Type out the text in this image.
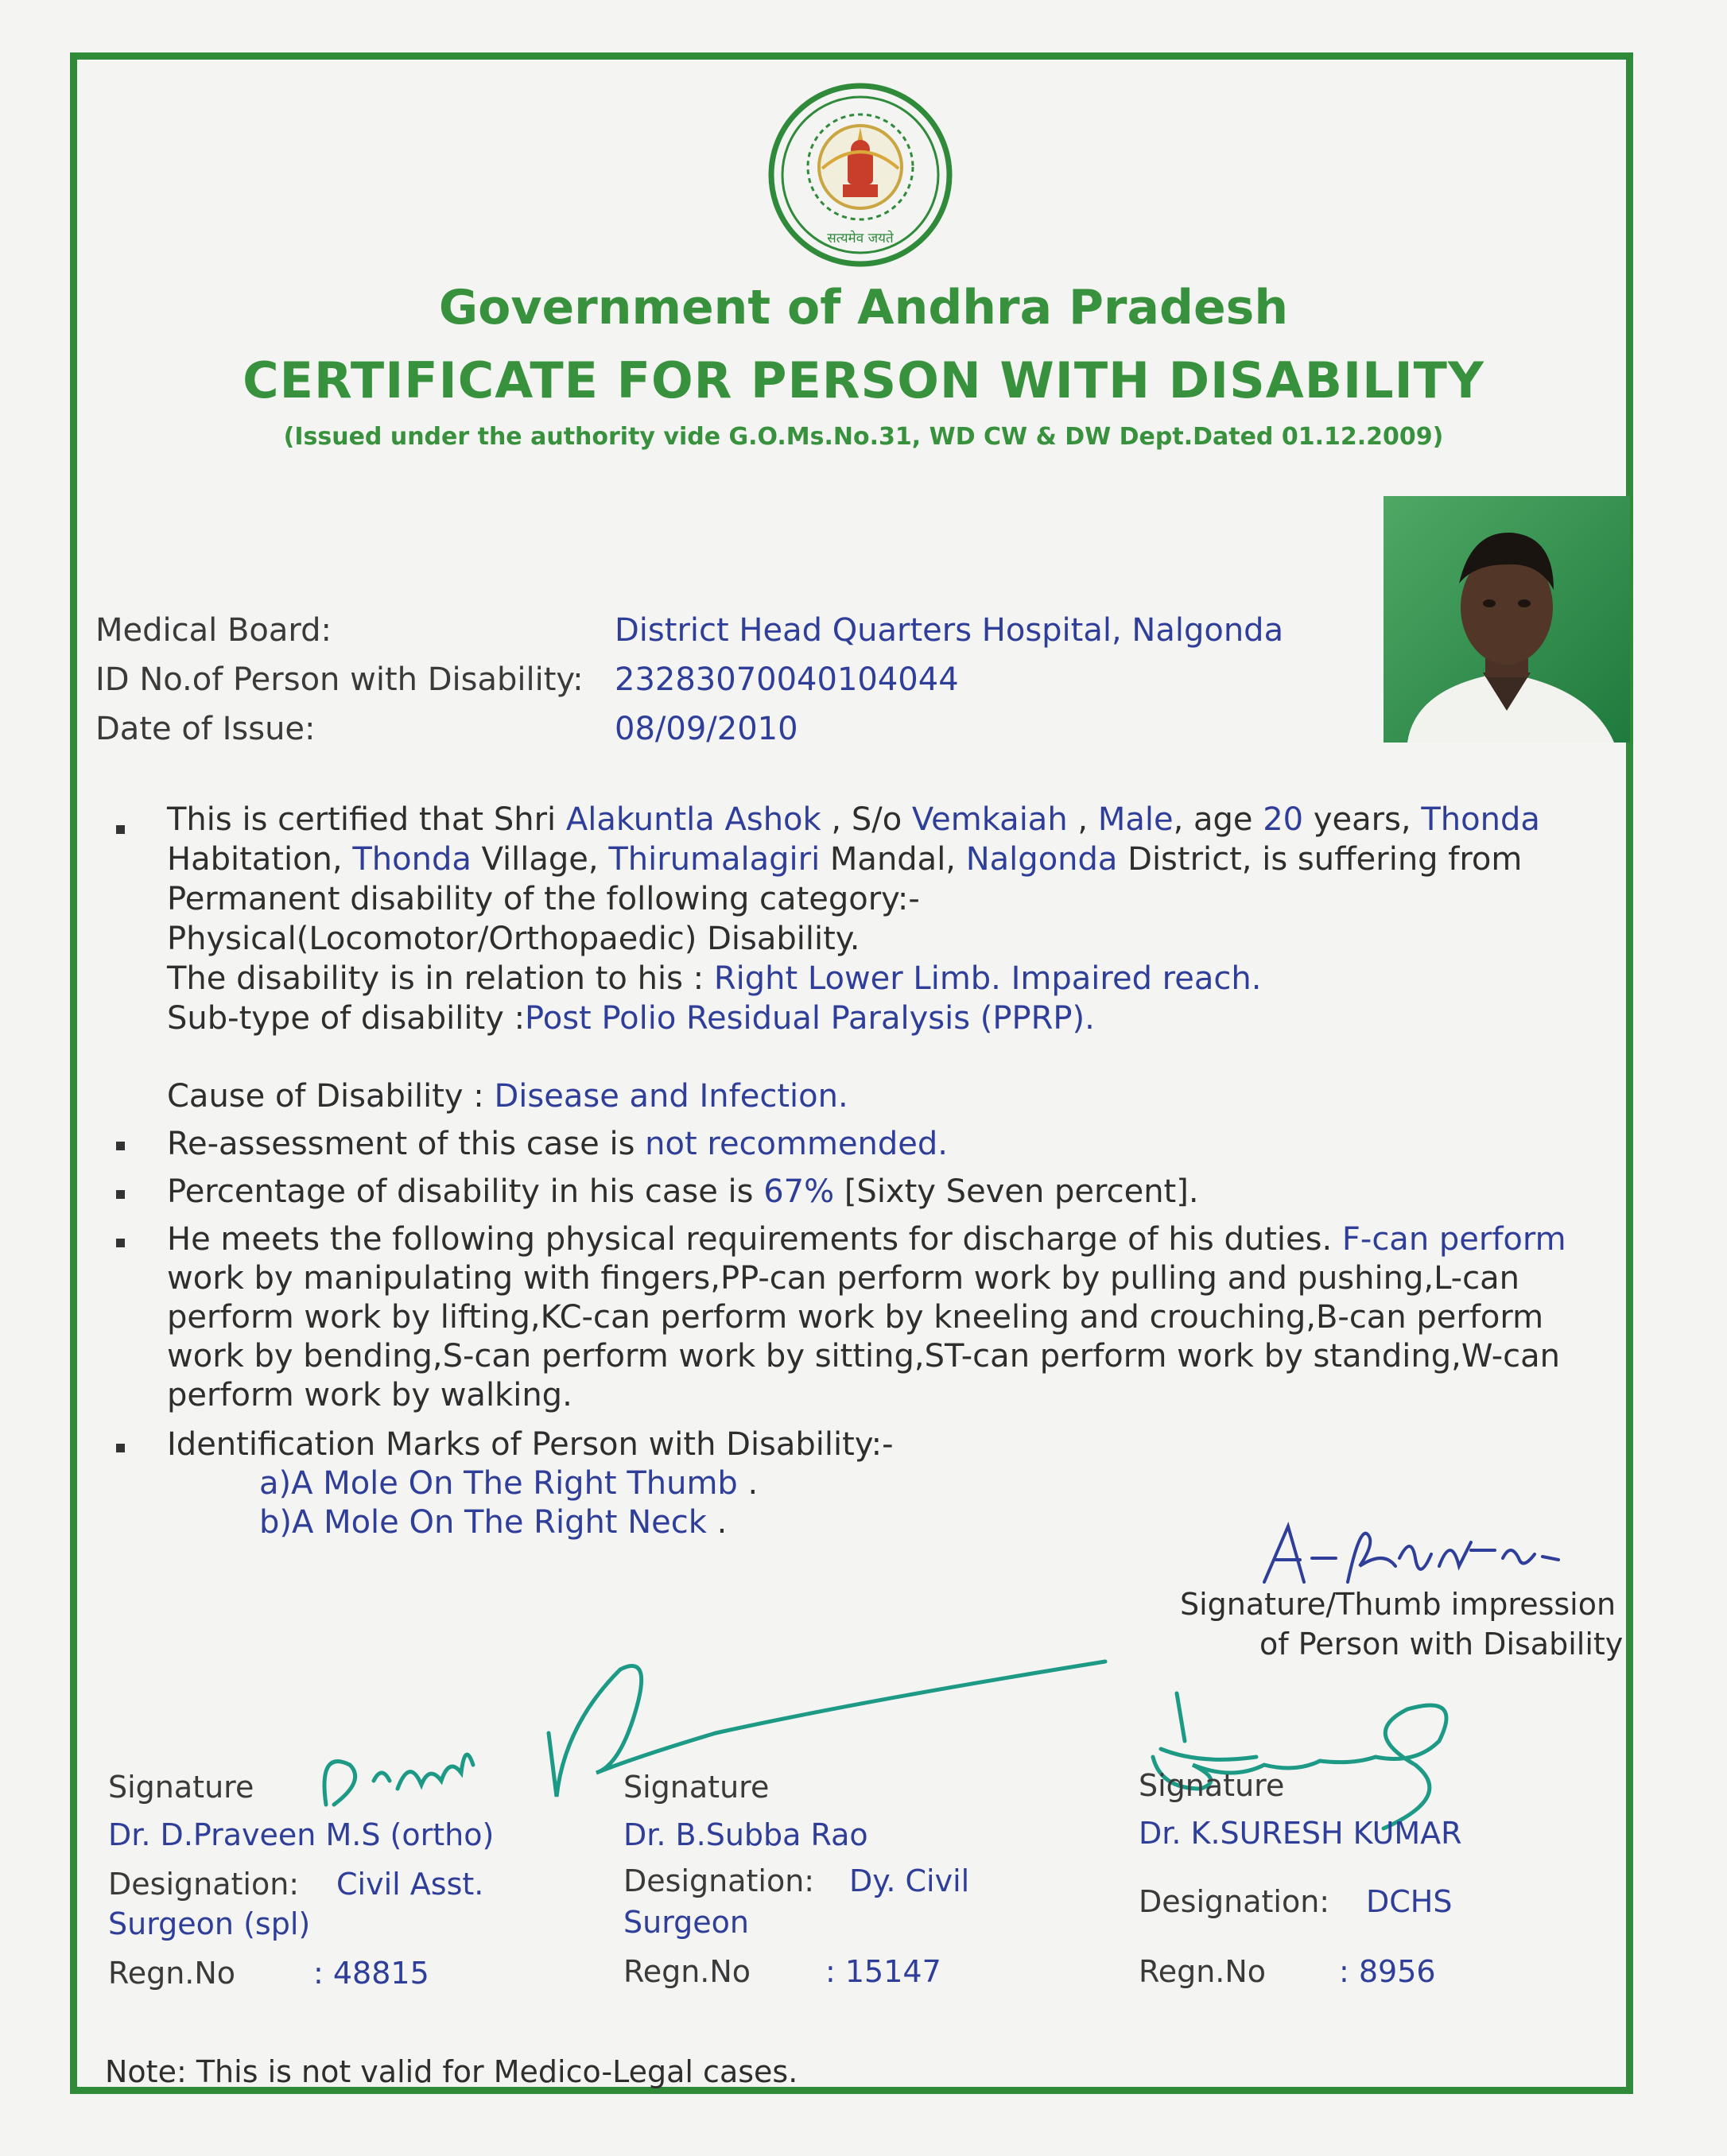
सत्यमेव जयते
Government of Andhra Pradesh
CERTIFICATE FOR PERSON WITH DISABILITY
(Issued under the authority vide G.O.Ms.No.31, WD CW & DW Dept.Dated 01.12.2009)
Medical Board:	District Head Quarters Hospital, Nalgonda
ID No.of Person with Disability: 23283070040104044
Date of Issue:	08/09/2010
This is certified that Shri Alakuntla Ashok , S/o Vemkaiah , Male, age 20 years, Thonda
Habitation, Thonda Village, Thirumalagiri Mandal, Nalgonda District, is suffering from
Permanent disability of the following category:-
Physical(Locomotor/Orthopaedic) Disability.
The disability is in relation to his : Right Lower Limb. Impaired reach.
Sub-type of disability :Post Polio Residual Paralysis (PPRP).
Cause of Disability : Disease and Infection.
Re-assessment of this case is not recommended.
Percentage of disability in his case is 67% [Sixty Seven percent].
He meets the following physical requirements for discharge of his duties. F-can perform
work by manipulating with fingers,PP-can perform work by pulling and pushing,L-can
perform work by lifting,KC-can perform work by kneeling and crouching,B-can perform
work by bending,S-can perform work by sitting,ST-can perform work by standing,W-can
perform work by walking.
Identification Marks of Person with Disability:-
a)A Mole On The Right Thumb .
b)A Mole On The Right Neck .
Signature/Thumb impression
of Person with Disability
Signature
Dr. D.Praveen M.S (ortho)
Designation: Civil Asst.
Surgeon (spl)
Regn.No	: 48815
Signature
Dr. B.Subba Rao
Designation: Dy. Civil
Surgeon
Regn.No : 15147
Signature
Dr. K.SURESH KUMAR
Designation: DCHS
Regn.No : 8956
Note: This is not valid for Medico-Legal cases.
